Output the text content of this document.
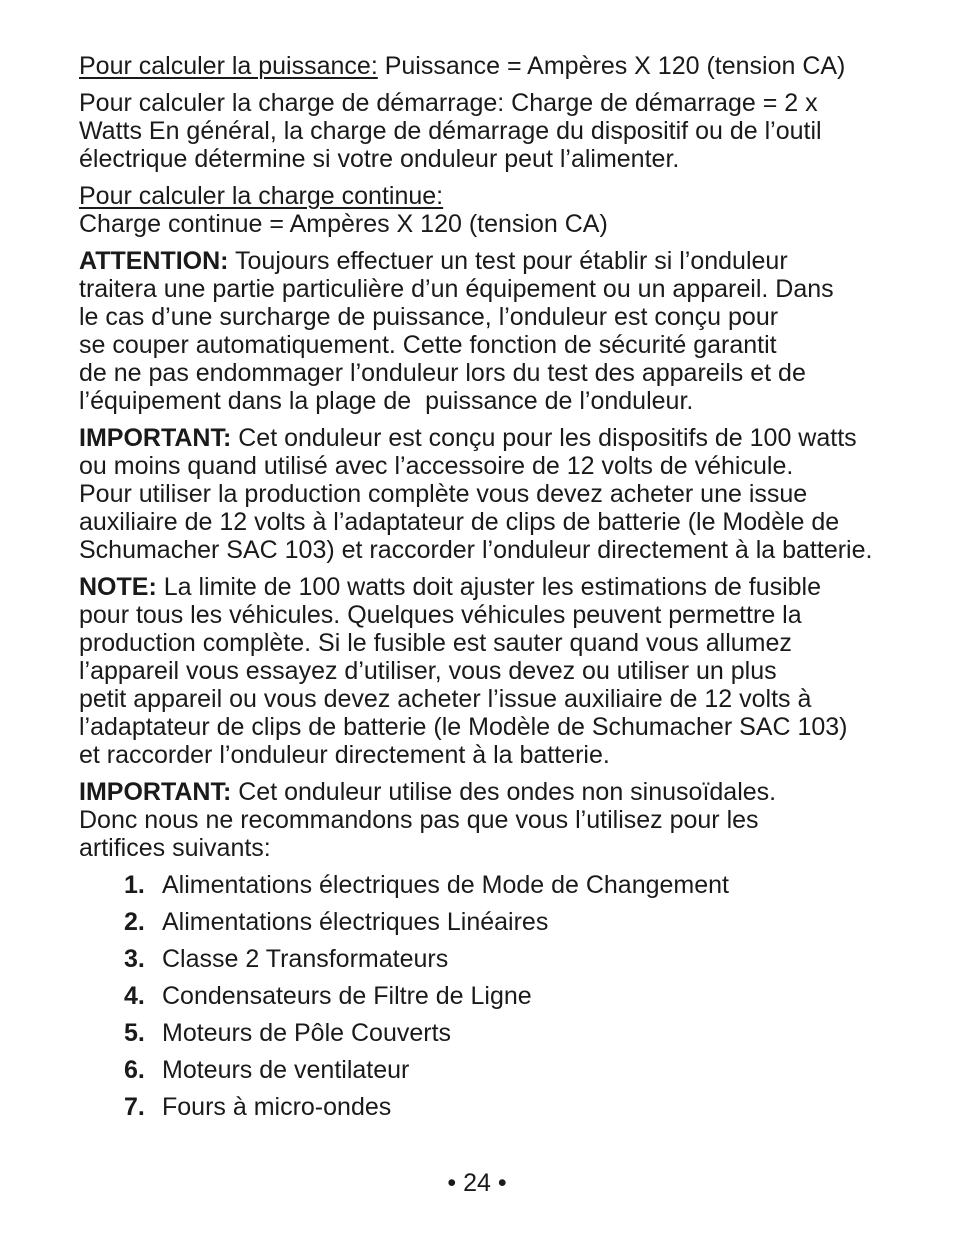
Pour calculer la puissance: Puissance = Ampères X 120 (tension CA)

Pour calculer la charge de démarrage: Charge de démarrage = 2 x
Watts En général, la charge de démarrage du dispositif ou de l’outil
électrique détermine si votre onduleur peut l’alimenter.

Pour calculer la charge continue:
Charge continue = Ampères X 120 (tension CA)

ATTENTION: Toujours effectuer un test pour établir si l’onduleur
traitera une partie particulière d’un équipement ou un appareil. Dans
le cas d’une surcharge de puissance, l’onduleur est conçu pour
se couper automatiquement. Cette fonction de sécurité garantit
de ne pas endommager l’onduleur lors du test des appareils et de
l’équipement dans la plage de  puissance de l’onduleur.

IMPORTANT: Cet onduleur est conçu pour les dispositifs de 100 watts
ou moins quand utilisé avec l’accessoire de 12 volts de véhicule.
Pour utiliser la production complète vous devez acheter une issue
auxiliaire de 12 volts à l’adaptateur de clips de batterie (le Modèle de
Schumacher SAC 103) et raccorder l’onduleur directement à la batterie.

NOTE: La limite de 100 watts doit ajuster les estimations de fusible
pour tous les véhicules. Quelques véhicules peuvent permettre la
production complète. Si le fusible est sauter quand vous allumez
l’appareil vous essayez d’utiliser, vous devez ou utiliser un plus
petit appareil ou vous devez acheter l’issue auxiliaire de 12 volts à
l’adaptateur de clips de batterie (le Modèle de Schumacher SAC 103)
et raccorder l’onduleur directement à la batterie.

IMPORTANT: Cet onduleur utilise des ondes non sinusoïdales.
Donc nous ne recommandons pas que vous l’utilisez pour les
artifices suivants:

1. Alimentations électriques de Mode de Changement
2. Alimentations électriques Linéaires
3. Classe 2 Transformateurs
4. Condensateurs de Filtre de Ligne
5. Moteurs de Pôle Couverts
6. Moteurs de ventilateur
7. Fours à micro-ondes
• 24 •
